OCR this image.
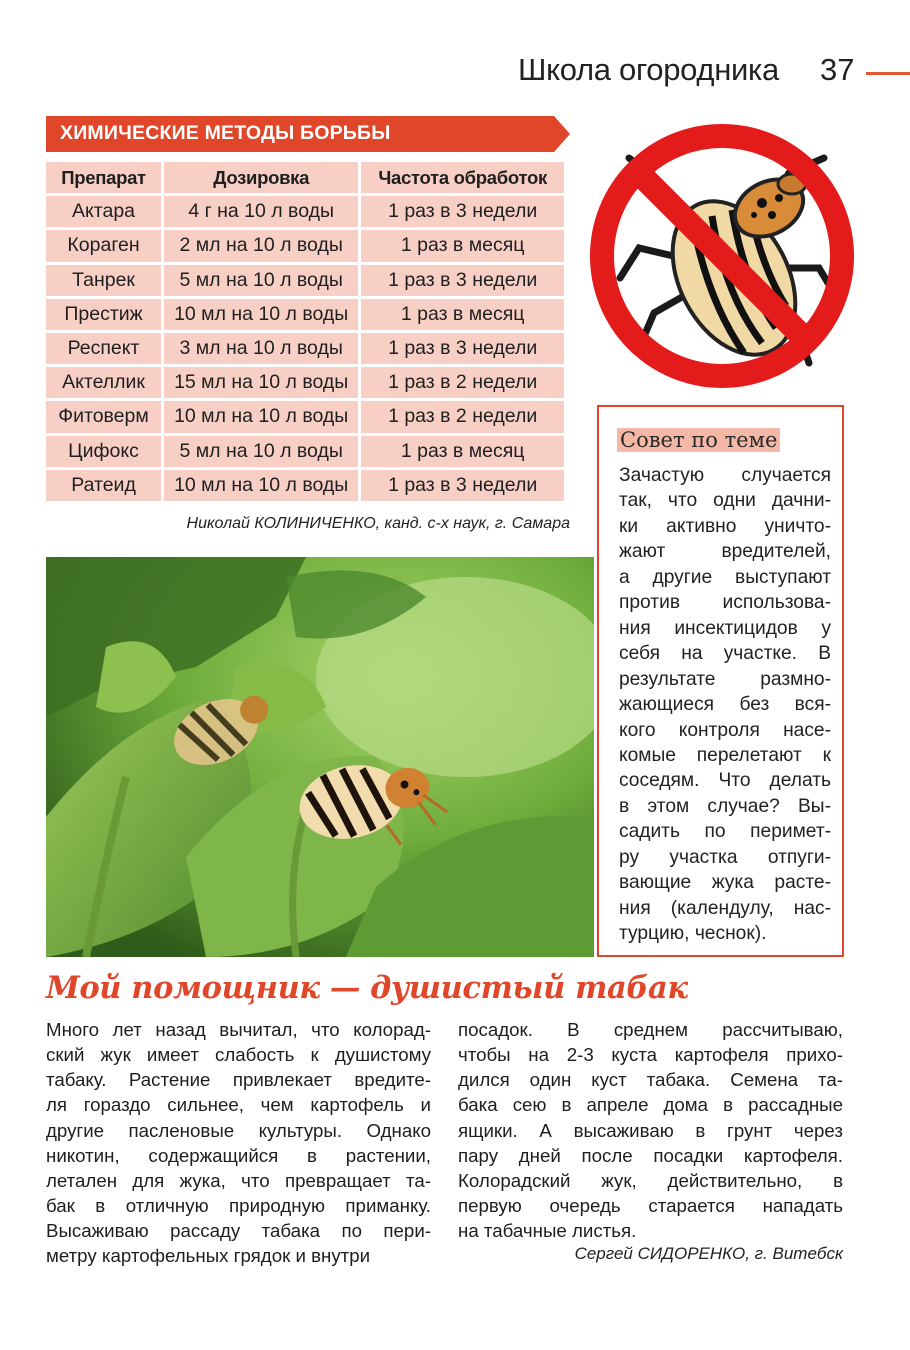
Школа огородника 37
ХИМИЧЕСКИЕ МЕТОДЫ БОРЬБЫ
Препарат	Дозировка	Частота обработок
Актара	4 г на 10 л воды	1 раз в 3 недели
Кораген	2 мл на 10 л воды	1 раз в месяц
Танрек	5 мл на 10 л воды	1 раз в 3 недели
Престиж	10 мл на 10 л воды	1 раз в месяц
Респект	3 мл на 10 л воды	1 раз в 3 недели
Актеллик	15 мл на 10 л воды	1 раз в 2 недели
Фитоверм	10 мл на 10 л воды	1 раз в 2 недели
Цифокс	5 мл на 10 л воды	1 раз в месяц
Ратеид	10 мл на 10 л воды	1 раз в 3 недели
Николай КОЛИНИЧЕНКО, канд. с-х наук, г. Самара
Совет по теме
Зачастую случается
так, что одни дачни-
ки активно уничто-
жают вредителей,
а другие выступают
против использова-
ния инсектицидов у
себя на участке. В
результате размно-
жающиеся без вся-
кого контроля насе-
комые перелетают к
соседям. Что делать
в этом случае? Вы-
садить по перимет-
ру участка отпуги-
вающие жука расте-
ния (календулу, нас-
турцию, чеснок).
Мой помощник — душистый табак
Много лет назад вычитал, что колорад-
ский жук имеет слабость к душистому
табаку. Растение привлекает вредите-
ля гораздо сильнее, чем картофель и
другие пасленовые культуры. Однако
никотин, содержащийся в растении,
летален для жука, что превращает та-
бак в отличную природную приманку.
Высаживаю рассаду табака по пери-
метру картофельных грядок и внутри
посадок. В среднем рассчитываю,
чтобы на 2-3 куста картофеля прихо-
дился один куст табака. Семена та-
бака сею в апреле дома в рассадные
ящики. А высаживаю в грунт через
пару дней после посадки картофеля.
Колорадский жук, действительно, в
первую очередь старается нападать
на табачные листья.
Сергей СИДОРЕНКО, г. Витебск
